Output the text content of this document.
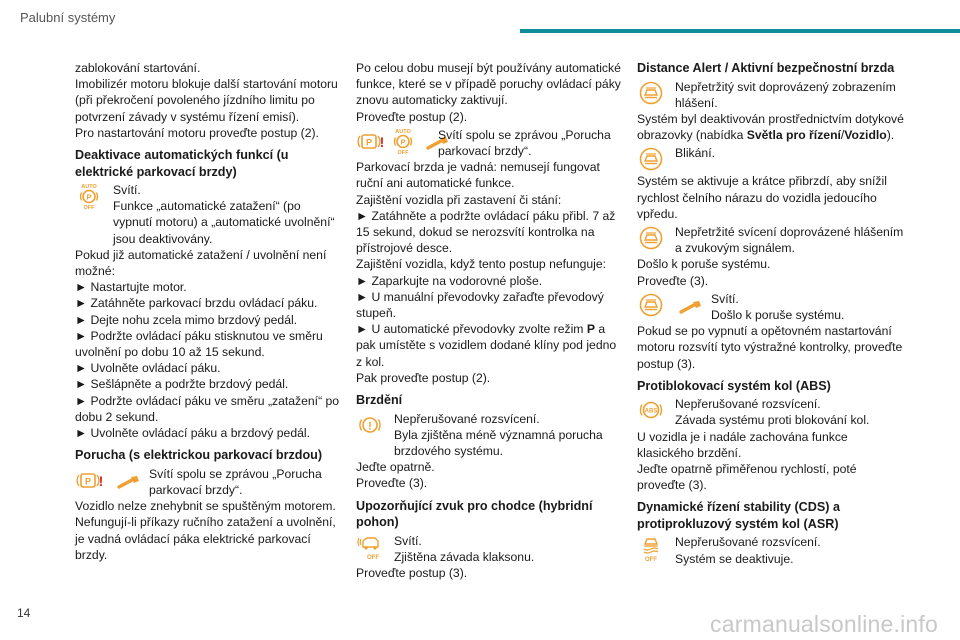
Palubní systémy
zablokování startování.
Imobilizér motoru blokuje další startování motoru (při překročení povoleného jízdního limitu po potvrzení závady v systému řízení emisí).
Pro nastartování motoru proveďte postup (2).
Deaktivace automatických funkcí (u elektrické parkovací brzdy)
AUTO
P
OFF
Svítí.
Funkce „automatické zatažení“ (po vypnutí motoru) a „automatické uvolnění“ jsou deaktivovány.
Pokud již automatické zatažení / uvolnění není možné:
► Nastartujte motor.
► Zatáhněte parkovací brzdu ovládací páku.
► Dejte nohu zcela mimo brzdový pedál.
► Podržte ovládací páku stisknutou ve směru uvolnění po dobu 10 až 15 sekund.
► Uvolněte ovládací páku.
► Sešlápněte a podržte brzdový pedál.
► Podržte ovládací páku ve směru „zatažení“ po dobu 2 sekund.
► Uvolněte ovládací páku a brzdový pedál.
Porucha (s elektrickou parkovací brzdou)
P !	Svítí spolu se zprávou „Porucha parkovací brzdy“.
Vozidlo nelze znehybnit se spuštěným motorem. Nefungují-li příkazy ručního zatažení a uvolnění, je vadná ovládací páka elektrické parkovací brzdy.
Po celou dobu musejí být používány automatické funkce, které se v případě poruchy ovládací páky znovu automaticky zaktivují.
Proveďte postup (2).
P !
AUTO
P
OFF
Svítí spolu se zprávou „Porucha parkovací brzdy“.
Parkovací brzda je vadná: nemusejí fungovat ruční ani automatické funkce.
Zajištění vozidla při zastavení či stání:
► Zatáhněte a podržte ovládací páku přibl. 7 až 15 sekund, dokud se nerozsvítí kontrolka na přístrojové desce.
Zajištění vozidla, když tento postup nefunguje:
► Zaparkujte na vodorovné ploše.
► U manuální převodovky zařaďte převodový stupeň.
► U automatické převodovky zvolte režim P a pak umístěte s vozidlem dodané klíny pod jedno z kol.
Pak proveďte postup (2).
Brzdění
!
Nepřerušované rozsvícení.
Byla zjištěna méně významná porucha brzdového systému.
Jeďte opatrně.
Proveďte (3).
Upozorňující zvuk pro chodce (hybridní pohon)
OFF
Svítí.
Zjištěna závada klaksonu.
Proveďte postup (3).
Distance Alert / Aktivní bezpečnostní brzda
Nepřetržitý svit doprovázený zobrazením hlášení.
Systém byl deaktivován prostřednictvím dotykové obrazovky (nabídka Světla pro řízení/Vozidlo).
Blikání.
Systém se aktivuje a krátce přibrzdí, aby snížil rychlost čelního nárazu do vozidla jedoucího vpředu.
Nepřetržité svícení doprovázené hlášením a zvukovým signálem.
Došlo k poruše systému.
Proveďte (3).
Svítí.
Došlo k poruše systému.
Pokud se po vypnutí a opětovném nastartování motoru rozsvítí tyto výstražné kontrolky, proveďte postup (3).
Protiblokovací systém kol (ABS)
ABS
Nepřerušované rozsvícení.
Závada systému proti blokování kol.
U vozidla je i nadále zachována funkce klasického brzdění.
Jeďte opatrně přiměřenou rychlostí, poté proveďte (3).
Dynamické řízení stability (CDS) a protiprokluzový systém kol (ASR)
OFF
Nepřerušované rozsvícení.
Systém se deaktivuje.
14	carmanualsonline.info
